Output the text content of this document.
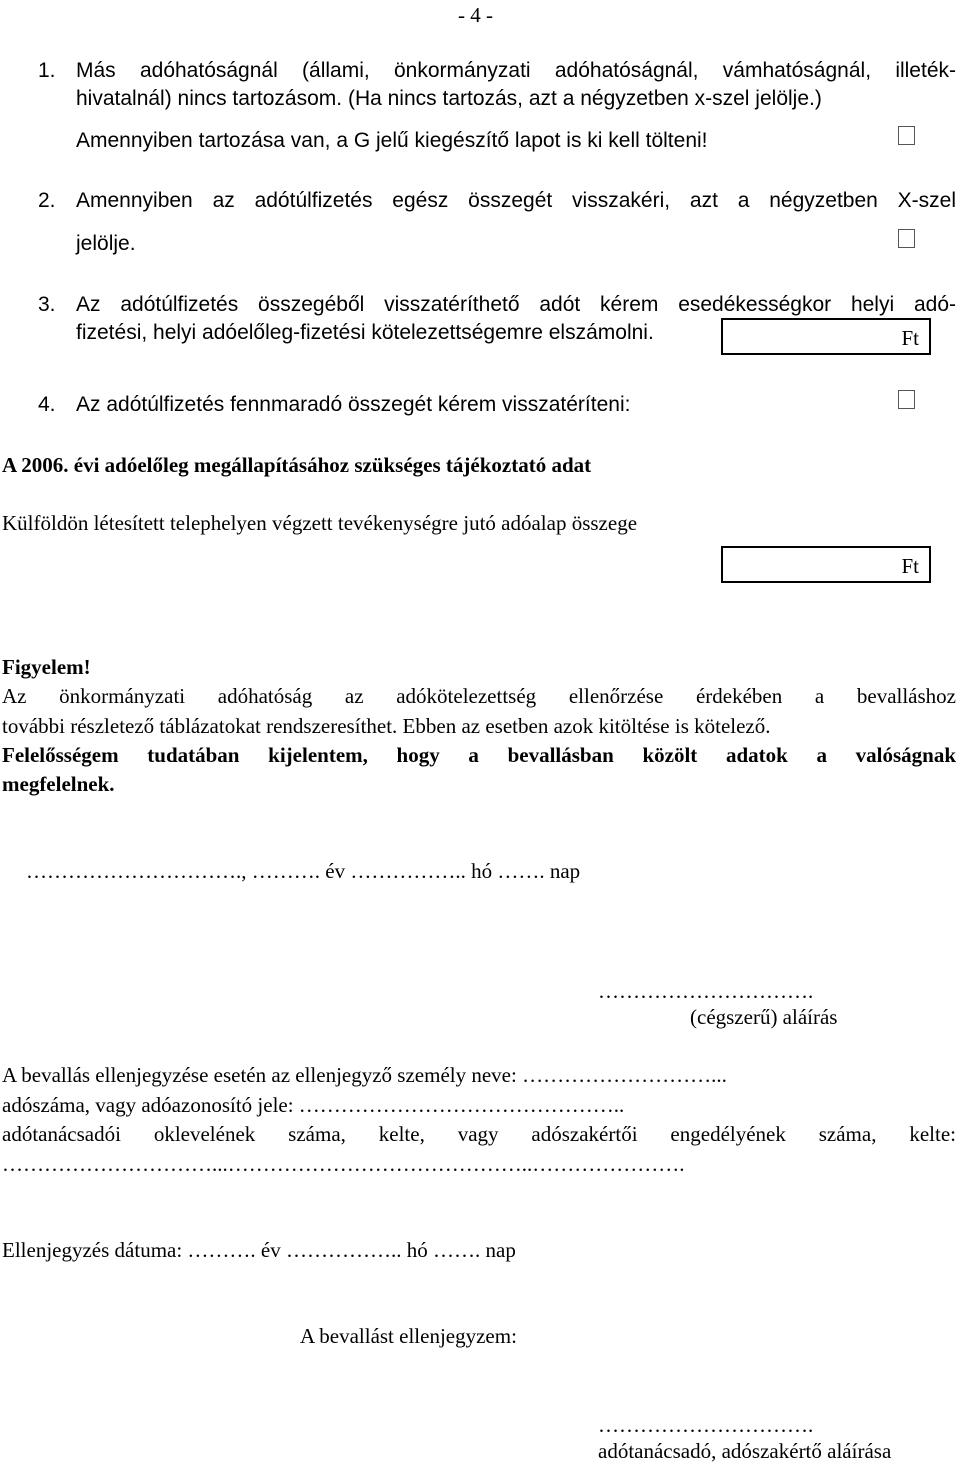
- 4 -
1. Más adóhatóságnál (állami, önkormányzati adóhatóságnál, vámhatóságnál, illeték-
hivatalnál) nincs tartozásom. (Ha nincs tartozás, azt a négyzetben x-szel jelölje.)
Amennyiben tartozása van, a G jelű kiegészítő lapot is ki kell tölteni!
2. Amennyiben az adótúlfizetés egész összegét visszakéri, azt a négyzetben X-szel
jelölje.
3. Az adótúlfizetés összegéből visszatéríthető adót kérem esedékességkor helyi adó-
fizetési, helyi adóelőleg-fizetési kötelezettségemre elszámolni.	Ft
4. Az adótúlfizetés fennmaradó összegét kérem visszatéríteni:
A 2006. évi adóelőleg megállapításához szükséges tájékoztató adat
Külföldön létesített telephelyen végzett tevékenységre jutó adóalap összege
Ft
Figyelem!
Az önkormányzati adóhatóság az adókötelezettség ellenőrzése érdekében a bevalláshoz
további részletező táblázatokat rendszeresíthet. Ebben az esetben azok kitöltése is kötelező.
Felelősségem tudatában kijelentem, hogy a bevallásban közölt adatok a valóságnak
megfelelnek.
…………………………., ………. év …………….. hó ……. nap
………………………….
(cégszerű) aláírás
A bevallás ellenjegyzése esetén az ellenjegyző személy neve: ………………………...
adószáma, vagy adóazonosító jele: ………………………………………..
adótanácsadói oklevelének száma, kelte, vagy adószakértői engedélyének száma, kelte:
…………………………...……………………………………..………………….
Ellenjegyzés dátuma: ………. év …………….. hó ……. nap
A bevallást ellenjegyzem:
………………………….
adótanácsadó, adószakértő aláírása
